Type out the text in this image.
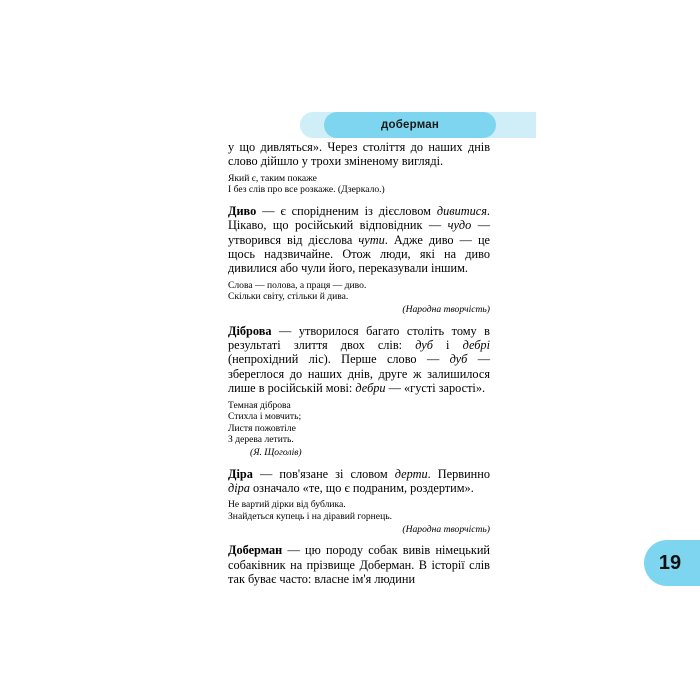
доберман

у що дивляться». Через століття до наших днів слово дійшло у трохи зміненому вигляді.

Який є, таким покаже
І без слів про все розкаже. (Дзеркало.)

Диво — є спорідненим із дієсловом дивитися. Цікаво, що російський відповідник — чудо — утворився від дієслова чути. Адже диво — це щось надзвичайне. Отож люди, які на диво дивилися або чули його, переказували іншим.

Слова — полова, а праця — диво.
Скільки світу, стільки й дива.

(Народна творчість)

Діброва — утворилося багато століть тому в результаті злиття двох слів: дуб і дебрі (непрохідний ліс). Перше слово — дуб — збереглося до наших днів, друге ж залишилося лише в російській мові: дебри — «густі зарості».

Темная діброва
Стихла і мовчить;
Листя пожовтіле
З дерева летить.

(Я. Щоголів)

Діра — пов'язане зі словом дерти. Первинно діра означало «те, що є подраним, роздертим».

Не вартий дірки від бублика.
Знайдеться купець і на діравий горнець.

(Народна творчість)

Доберман — цю породу собак вивів німецький собаківник на прізвище Доберман. В історії слів так буває часто: власне ім'я людини

19
